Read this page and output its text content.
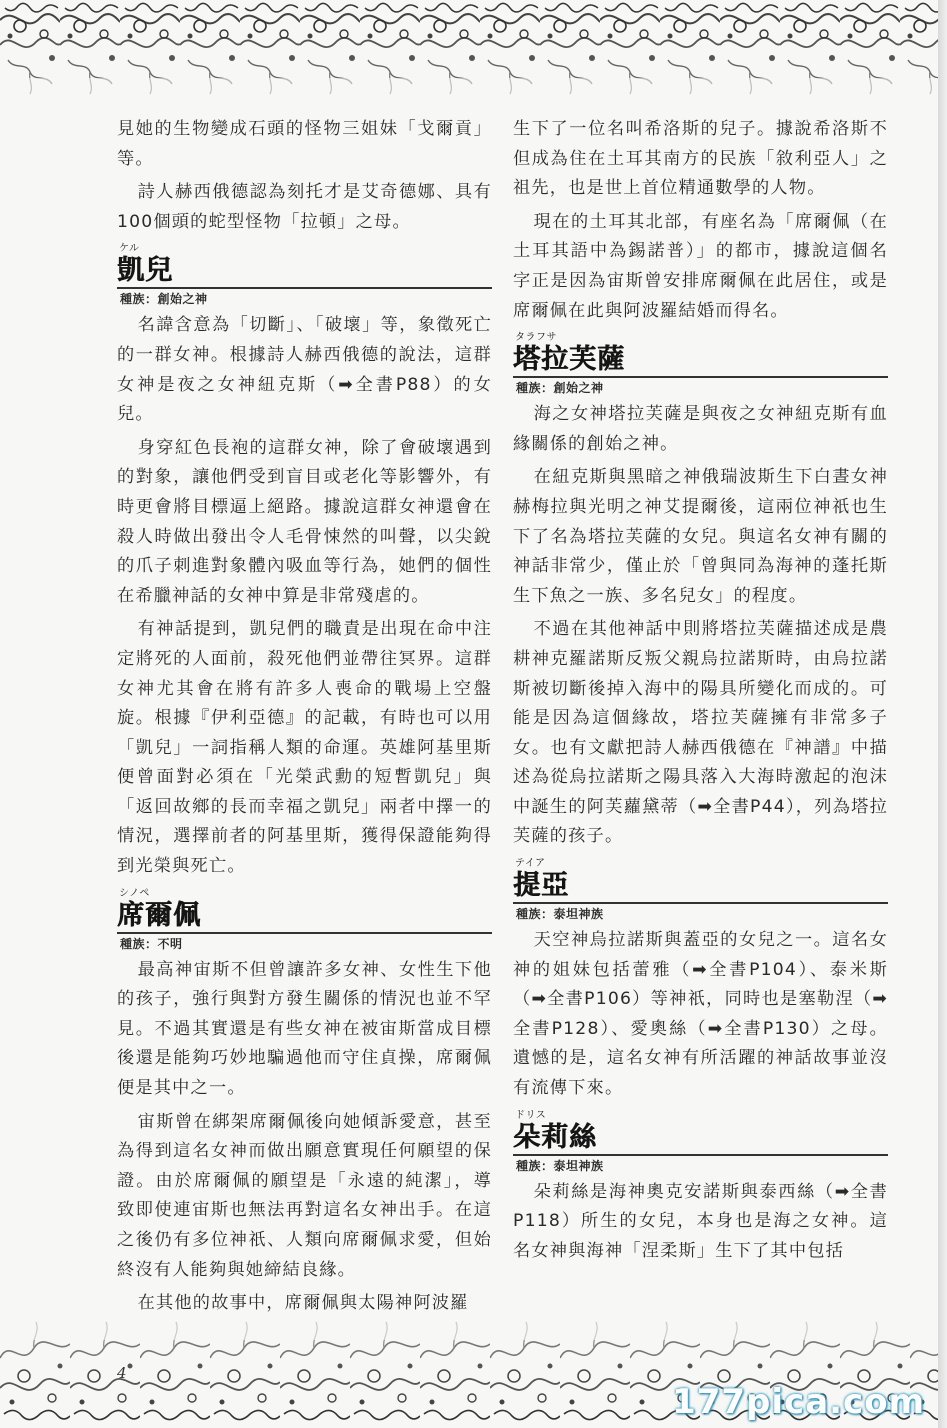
見她的生物變成石頭的怪物三姐妹「戈爾貢」等。

詩人赫西俄德認為刻托才是艾奇德娜、具有100個頭的蛇型怪物「拉頓」之母。

ケル
凱兒
種族：創始之神

名諱含意為「切斷」、「破壞」等，象徵死亡的一群女神。根據詩人赫西俄德的說法，這群女神是夜之女神紐克斯（➡全書P88）的女兒。

身穿紅色長袍的這群女神，除了會破壞遇到的對象，讓他們受到盲目或老化等影響外，有時更會將目標逼上絕路。據說這群女神還會在殺人時做出發出令人毛骨悚然的叫聲，以尖銳的爪子刺進對象體內吸血等行為，她們的個性在希臘神話的女神中算是非常殘虐的。

有神話提到，凱兒們的職責是出現在命中注定將死的人面前，殺死他們並帶往冥界。這群女神尤其會在將有許多人喪命的戰場上空盤旋。根據『伊利亞德』的記載，有時也可以用「凱兒」一詞指稱人類的命運。英雄阿基里斯便曾面對必須在「光榮武勳的短暫凱兒」與「返回故鄉的長而幸福之凱兒」兩者中擇一的情況，選擇前者的阿基里斯，獲得保證能夠得到光榮與死亡。

シノペ
席爾佩
種族：不明

最高神宙斯不但曾讓許多女神、女性生下他的孩子，強行與對方發生關係的情況也並不罕見。不過其實還是有些女神在被宙斯當成目標後還是能夠巧妙地騙過他而守住貞操，席爾佩便是其中之一。

宙斯曾在綁架席爾佩後向她傾訴愛意，甚至為得到這名女神而做出願意實現任何願望的保證。由於席爾佩的願望是「永遠的純潔」，導致即使連宙斯也無法再對這名女神出手。在這之後仍有多位神祇、人類向席爾佩求愛，但始終沒有人能夠與她締結良緣。

在其他的故事中，席爾佩與太陽神阿波羅

生下了一位名叫希洛斯的兒子。據說希洛斯不但成為住在土耳其南方的民族「敘利亞人」之祖先，也是世上首位精通數學的人物。

現在的土耳其北部，有座名為「席爾佩（在土耳其語中為錫諾普）」的都市，據說這個名字正是因為宙斯曾安排席爾佩在此居住，或是席爾佩在此與阿波羅結婚而得名。

タラフサ
塔拉芙薩
種族：創始之神

海之女神塔拉芙薩是與夜之女神紐克斯有血緣關係的創始之神。

在紐克斯與黑暗之神俄瑞波斯生下白晝女神赫梅拉與光明之神艾提爾後，這兩位神祇也生下了名為塔拉芙薩的女兒。與這名女神有關的神話非常少，僅止於「曾與同為海神的蓬托斯生下魚之一族、多名兒女」的程度。

不過在其他神話中則將塔拉芙薩描述成是農耕神克羅諾斯反叛父親烏拉諾斯時，由烏拉諾斯被切斷後掉入海中的陽具所變化而成的。可能是因為這個緣故，塔拉芙薩擁有非常多子女。也有文獻把詩人赫西俄德在『神譜』中描述為從烏拉諾斯之陽具落入大海時激起的泡沫中誕生的阿芙蘿黛蒂（➡全書P44），列為塔拉芙薩的孩子。

テイア
提亞
種族：泰坦神族

天空神烏拉諾斯與蓋亞的女兒之一。這名女神的姐妹包括蕾雅（➡全書P104）、泰米斯（➡全書P106）等神祇，同時也是塞勒涅（➡全書P128）、愛奧絲（➡全書P130）之母。遺憾的是，這名女神有所活躍的神話故事並沒有流傳下來。

ドリス
朵莉絲
種族：泰坦神族

朵莉絲是海神奧克安諾斯與泰西絲（➡全書P118）所生的女兒，本身也是海之女神。這名女神與海神「涅柔斯」生下了其中包括

4
177pica.com
